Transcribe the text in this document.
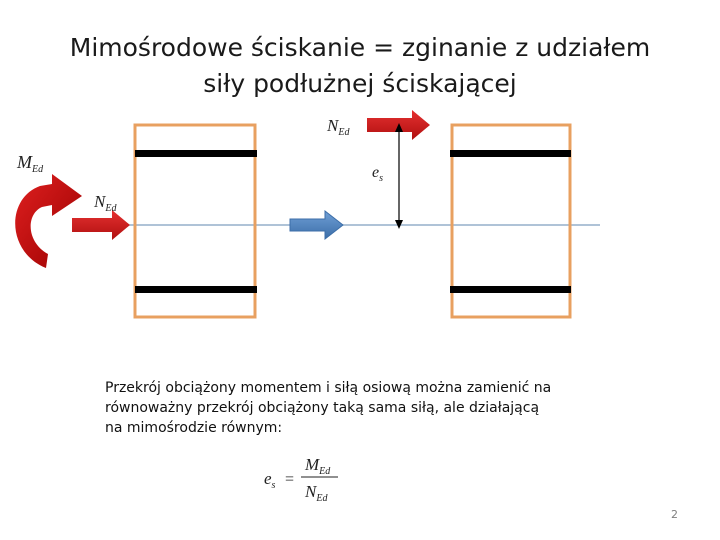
Mimośrodowe ściskanie = zginanie z udziałem
siły podłużnej ściskającej
$M_{Ed}$
$N_{Ed}$
$N_{Ed}$
$e_s$
$e_s$ =
$M_{Ed}$
$N_{Ed}$
Przekrój obciążony momentem i siłą osiową można zamienić na
równoważny przekrój obciążony taką sama siłą, ale działającą
na mimośrodzie równym:
2
